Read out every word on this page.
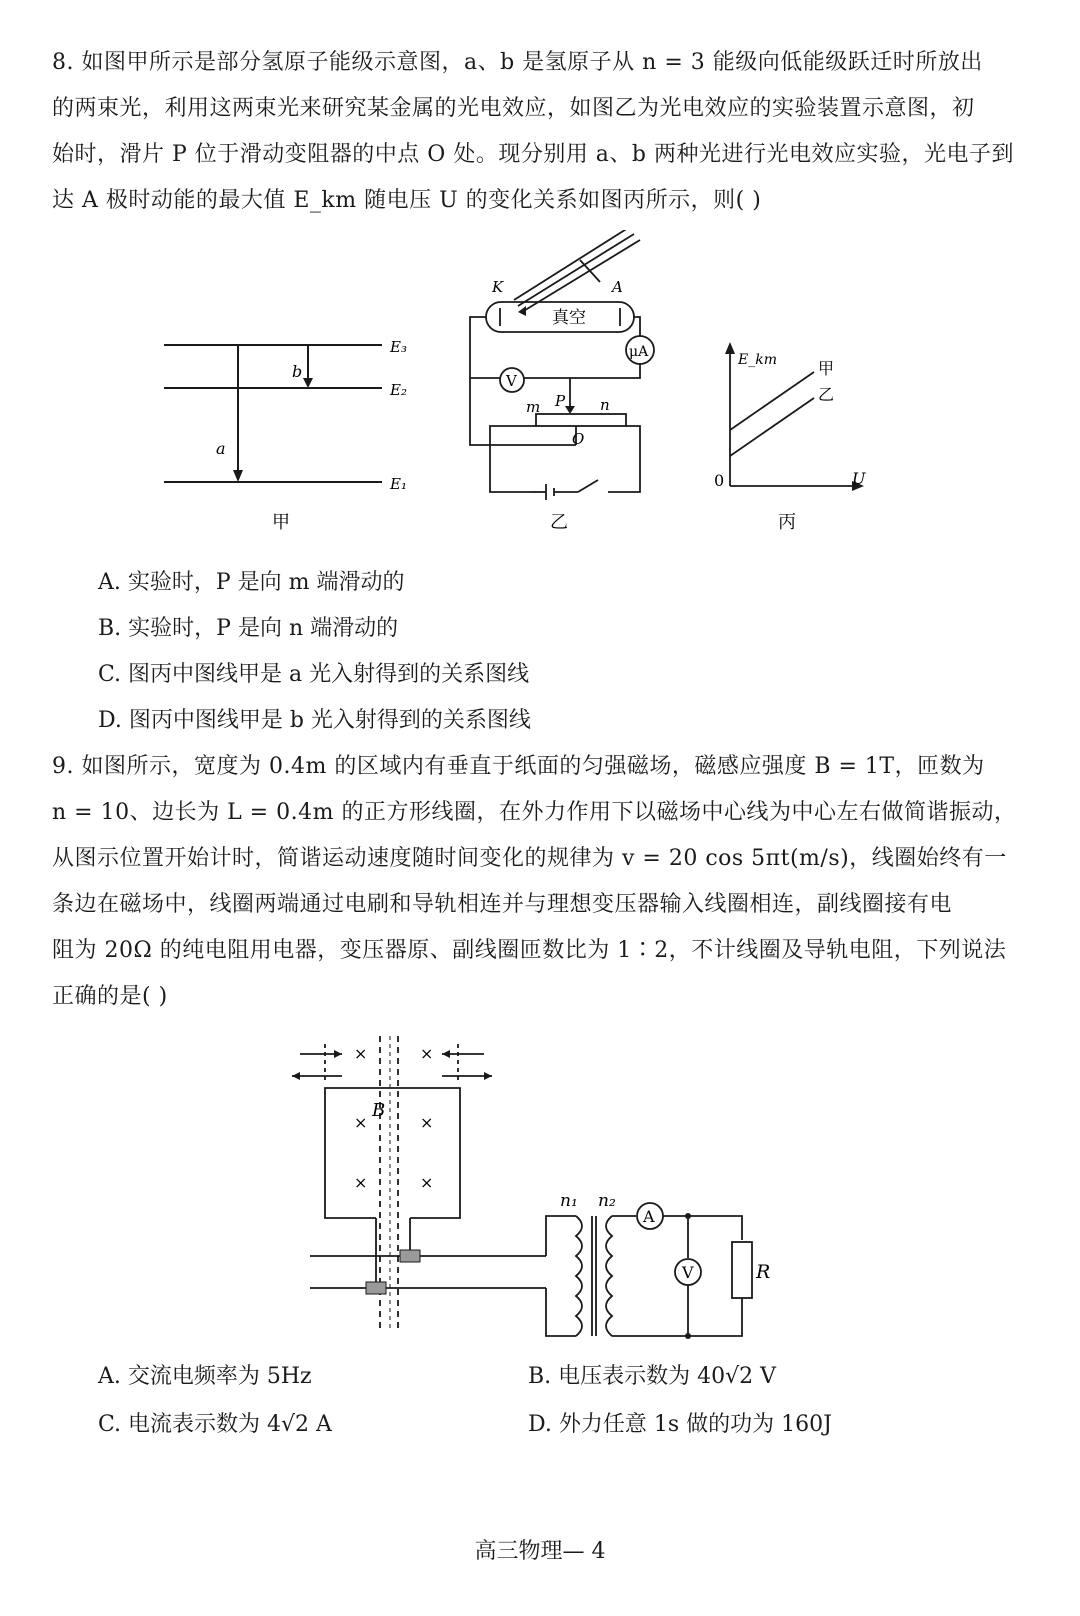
8. 如图甲所示是部分氢原子能级示意图，a、b 是氢原子从 n = 3 能级向低能级跃迁时所放出
的两束光，利用这两束光来研究某金属的光电效应，如图乙为光电效应的实验装置示意图，初
始时，滑片 P 位于滑动变阻器的中点 O 处。现分别用 a、b 两种光进行光电效应实验，光电子到
达 A 极时动能的最大值 E_km 随电压 U 的变化关系如图丙所示，则( )
E₃
E₂
E₁
a
b
甲
K	A
真空
μA
V
m P n
O
乙
E_km
U
0
甲
乙
丙
A. 实验时，P 是向 m 端滑动的
B. 实验时，P 是向 n 端滑动的
C. 图丙中图线甲是 a 光入射得到的关系图线
D. 图丙中图线甲是 b 光入射得到的关系图线
9. 如图所示，宽度为 0.4m 的区域内有垂直于纸面的匀强磁场，磁感应强度 B = 1T，匝数为
n = 10、边长为 L = 0.4m 的正方形线圈，在外力作用下以磁场中心线为中心左右做简谐振动，
从图示位置开始计时，简谐运动速度随时间变化的规律为 v = 20 cos 5πt(m/s)，线圈始终有一
条边在磁场中，线圈两端通过电刷和导轨相连并与理想变压器输入线圈相连，副线圈接有电
阻为 20Ω 的纯电阻用电器，变压器原、副线圈匝数比为 1∶2，不计线圈及导轨电阻，下列说法
正确的是( )
×	×
×	×
×	×
B
n₁ n₂
A
V	R
A. 交流电频率为 5Hz	B. 电压表示数为 40√2 V
C. 电流表示数为 4√2 A	D. 外力任意 1s 做的功为 160J
高三物理— 4
